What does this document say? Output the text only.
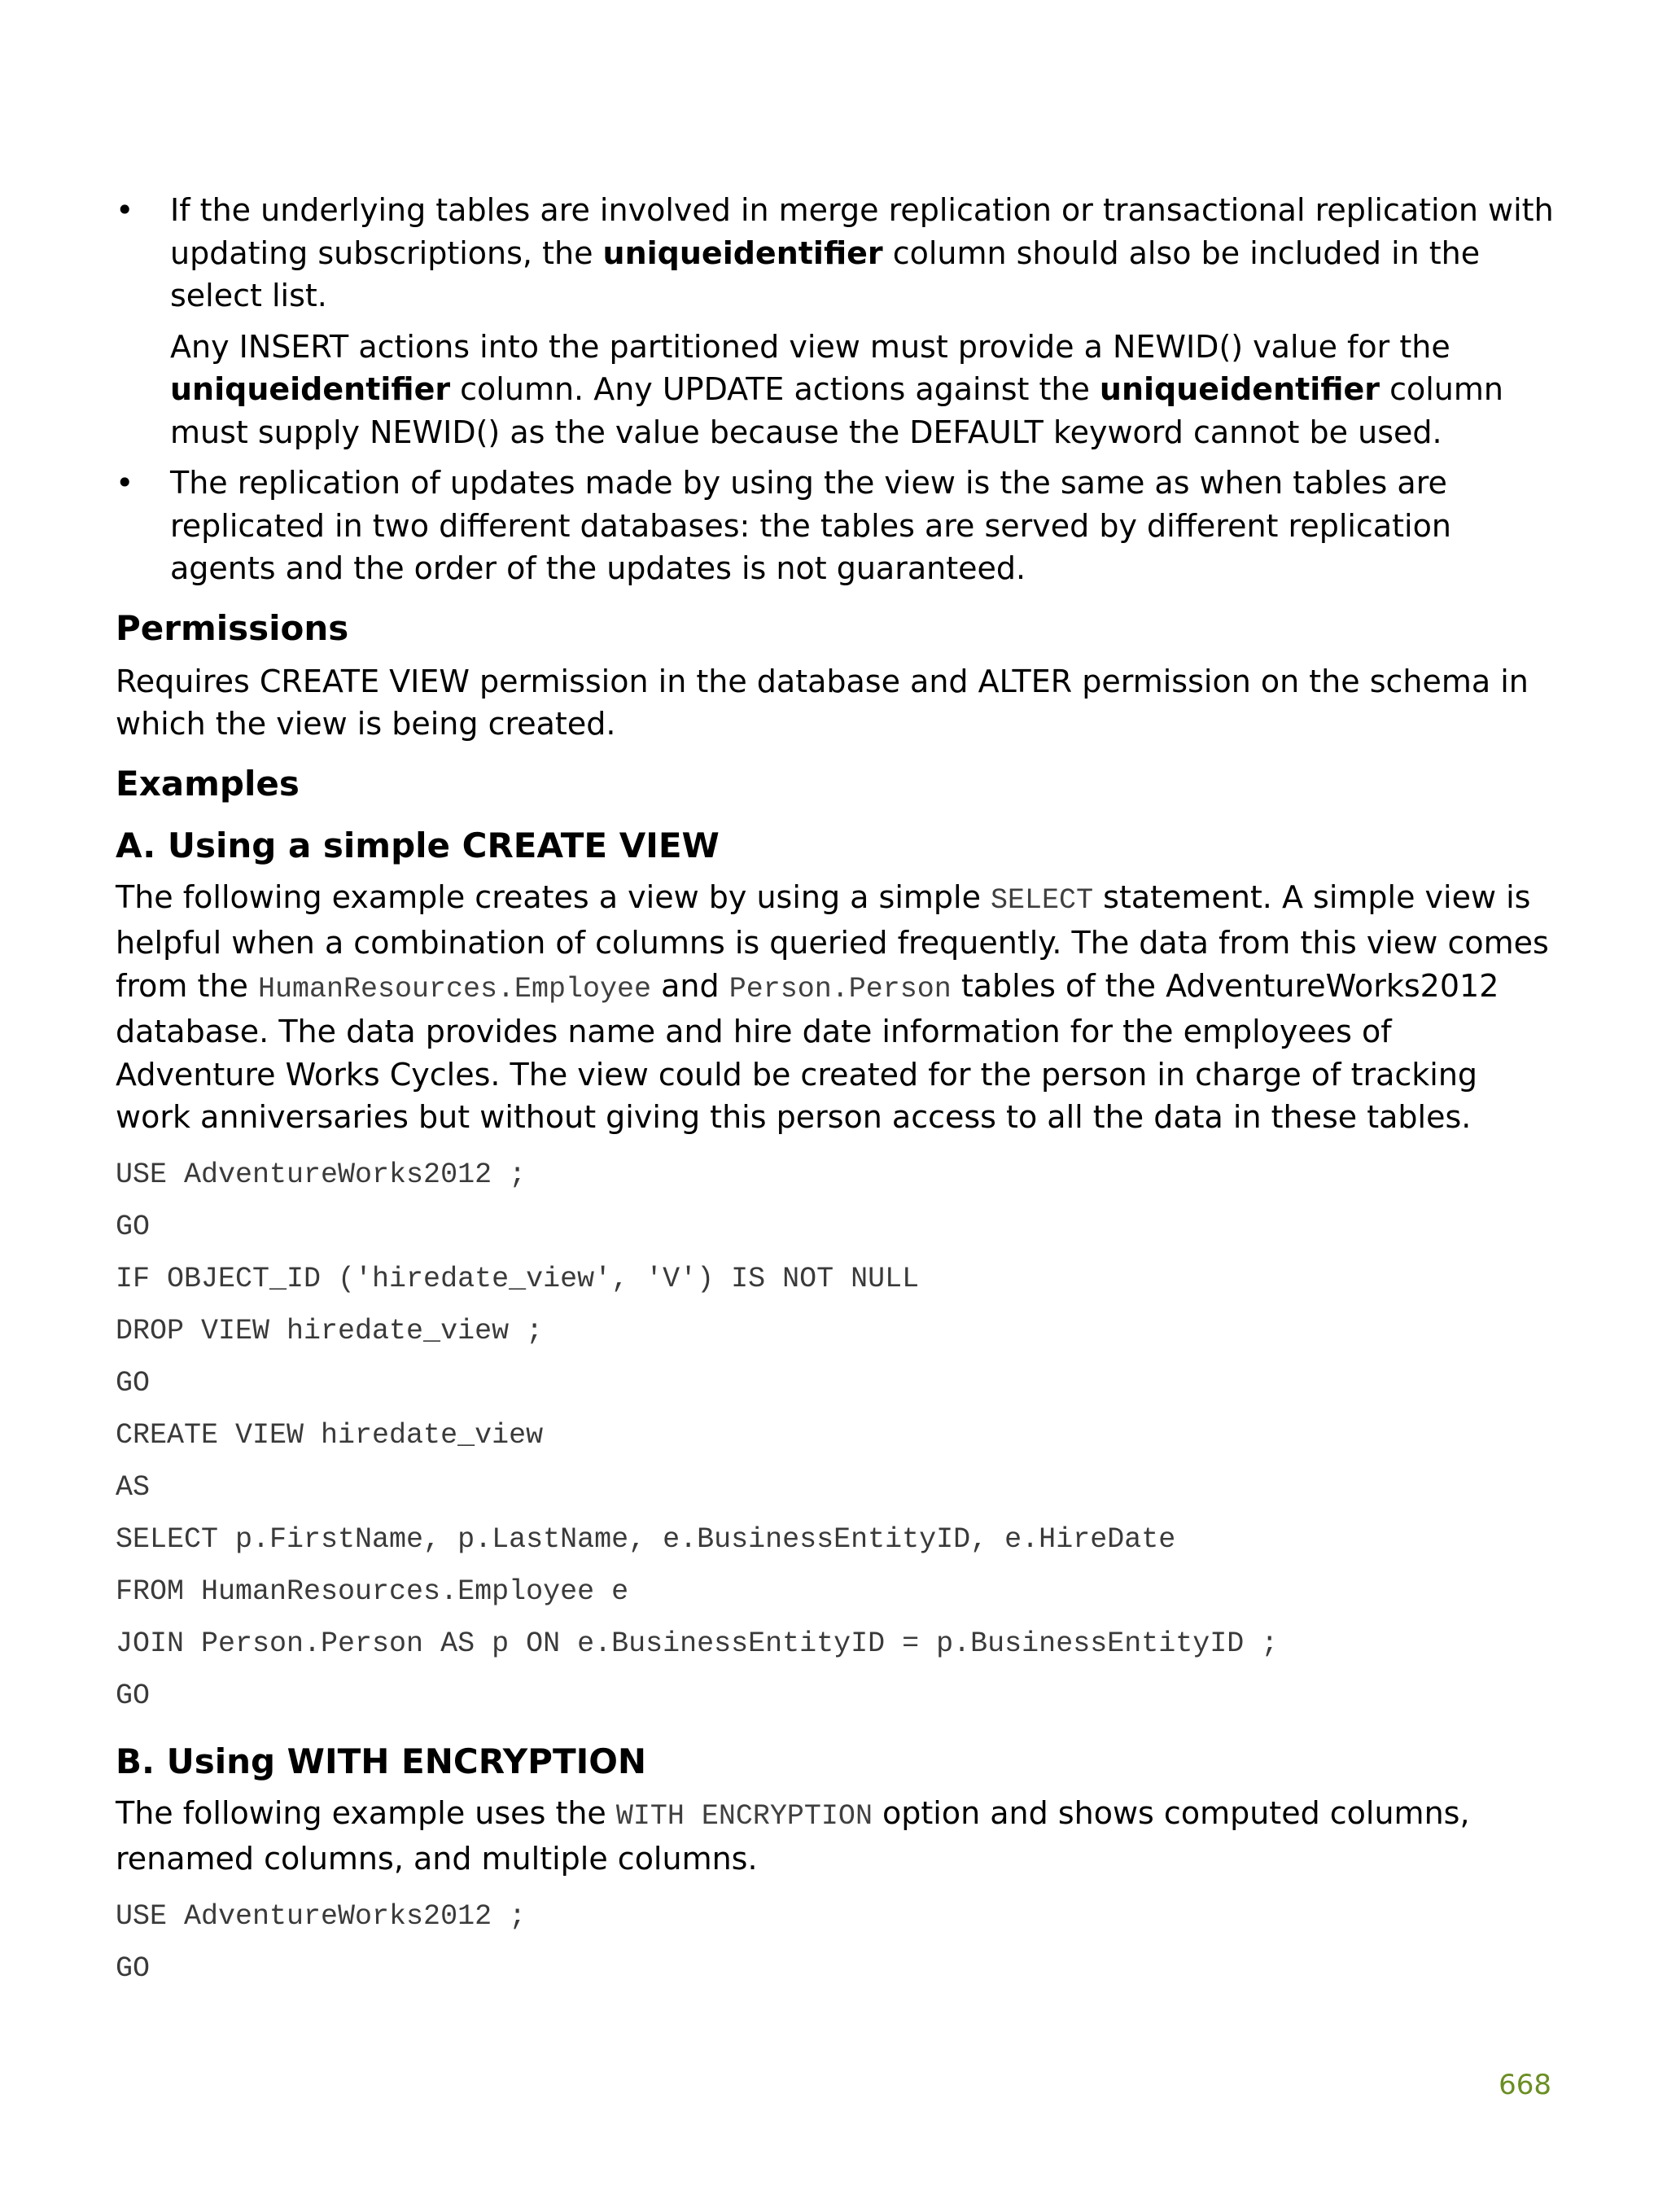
• If the underlying tables are involved in merge replication or transactional replication with updating subscriptions, the uniqueidentifier column should also be included in the select list.
Any INSERT actions into the partitioned view must provide a NEWID() value for the uniqueidentifier column. Any UPDATE actions against the uniqueidentifier column must supply NEWID() as the value because the DEFAULT keyword cannot be used.
• The replication of updates made by using the view is the same as when tables are replicated in two different databases: the tables are served by different replication agents and the order of the updates is not guaranteed.
Permissions

Requires CREATE VIEW permission in the database and ALTER permission on the schema in which the view is being created.

Examples
A. Using a simple CREATE VIEW

The following example creates a view by using a simple SELECT statement. A simple view is helpful when a combination of columns is queried frequently. The data from this view comes from the HumanResources.Employee and Person.Person tables of the AdventureWorks2012 database. The data provides name and hire date information for the employees of Adventure Works Cycles. The view could be created for the person in charge of tracking work anniversaries but without giving this person access to all the data in these tables.

USE AdventureWorks2012 ;
GO
IF OBJECT_ID ('hiredate_view', 'V') IS NOT NULL
DROP VIEW hiredate_view ;
GO
CREATE VIEW hiredate_view
AS
SELECT p.FirstName, p.LastName, e.BusinessEntityID, e.HireDate
FROM HumanResources.Employee e
JOIN Person.Person AS p ON e.BusinessEntityID = p.BusinessEntityID ;
GO
B. Using WITH ENCRYPTION

The following example uses the WITH ENCRYPTION option and shows computed columns, renamed columns, and multiple columns.

USE AdventureWorks2012 ;
GO
668
